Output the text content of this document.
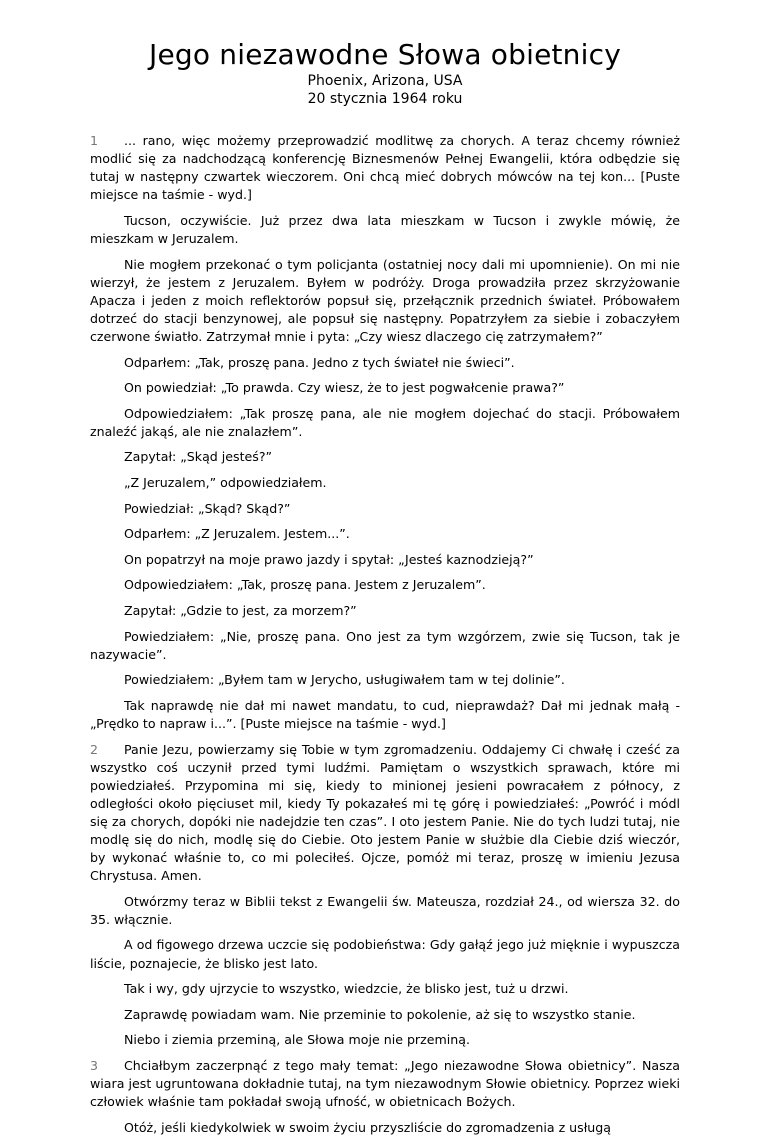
Jego niezawodne Słowa obietnicy
Phoenix, Arizona, USA
20 stycznia 1964 roku

1 ... rano, więc możemy przeprowadzić modlitwę za chorych. A teraz chcemy również modlić się za nadchodzącą konferencję Biznesmenów Pełnej Ewangelii, która odbędzie się tutaj w następny czwartek wieczorem. Oni chcą mieć dobrych mówców na tej kon... [Puste miejsce na taśmie - wyd.]

Tucson, oczywiście. Już przez dwa lata mieszkam w Tucson i zwykle mówię, że mieszkam w Jeruzalem.

Nie mogłem przekonać o tym policjanta (ostatniej nocy dali mi upomnienie). On mi nie wierzył, że jestem z Jeruzalem. Byłem w podróży. Droga prowadziła przez skrzyżowanie Apacza i jeden z moich reflektorów popsuł się, przełącznik przednich świateł. Próbowałem dotrzeć do stacji benzynowej, ale popsuł się następny. Popatrzyłem za siebie i zobaczyłem czerwone światło. Zatrzymał mnie i pyta: „Czy wiesz dlaczego cię zatrzymałem?”

Odparłem: „Tak, proszę pana. Jedno z tych świateł nie świeci”.

On powiedział: „To prawda. Czy wiesz, że to jest pogwałcenie prawa?”

Odpowiedziałem: „Tak proszę pana, ale nie mogłem dojechać do stacji. Próbowałem znaleźć jakąś, ale nie znalazłem”.

Zapytał: „Skąd jesteś?”

„Z Jeruzalem,” odpowiedziałem.

Powiedział: „Skąd? Skąd?”

Odparłem: „Z Jeruzalem. Jestem...”.

On popatrzył na moje prawo jazdy i spytał: „Jesteś kaznodzieją?”

Odpowiedziałem: „Tak, proszę pana. Jestem z Jeruzalem”.

Zapytał: „Gdzie to jest, za morzem?”

Powiedziałem: „Nie, proszę pana. Ono jest za tym wzgórzem, zwie się Tucson, tak je nazywacie”.

Powiedziałem: „Byłem tam w Jerycho, usługiwałem tam w tej dolinie”.

Tak naprawdę nie dał mi nawet mandatu, to cud, nieprawdaż? Dał mi jednak małą - „Prędko to napraw i...”. [Puste miejsce na taśmie - wyd.]

2 Panie Jezu, powierzamy się Tobie w tym zgromadzeniu. Oddajemy Ci chwałę i cześć za wszystko coś uczynił przed tymi ludźmi. Pamiętam o wszystkich sprawach, które mi powiedziałeś. Przypomina mi się, kiedy to minionej jesieni powracałem z północy, z odległości około pięciuset mil, kiedy Ty pokazałeś mi tę górę i powiedziałeś: „Powróć i módl się za chorych, dopóki nie nadejdzie ten czas”. I oto jestem Panie. Nie do tych ludzi tutaj, nie modlę się do nich, modlę się do Ciebie. Oto jestem Panie w służbie dla Ciebie dziś wieczór, by wykonać właśnie to, co mi poleciłeś. Ojcze, pomóż mi teraz, proszę w imieniu Jezusa Chrystusa. Amen.

Otwórzmy teraz w Biblii tekst z Ewangelii św. Mateusza, rozdział 24., od wiersza 32. do 35. włącznie.

A od figowego drzewa uczcie się podobieństwa: Gdy gałąź jego już mięknie i wypuszcza liście, poznajecie, że blisko jest lato.

Tak i wy, gdy ujrzycie to wszystko, wiedzcie, że blisko jest, tuż u drzwi.

Zaprawdę powiadam wam. Nie przeminie to pokolenie, aż się to wszystko stanie.

Niebo i ziemia przeminą, ale Słowa moje nie przeminą.

3 Chciałbym zaczerpnąć z tego mały temat: „Jego niezawodne Słowa obietnicy”. Nasza wiara jest ugruntowana dokładnie tutaj, na tym niezawodnym Słowie obietnicy. Poprzez wieki człowiek właśnie tam pokładał swoją ufność, w obietnicach Bożych.

Otóż, jeśli kiedykolwiek w swoim życiu przyszliście do zgromadzenia z usługą
